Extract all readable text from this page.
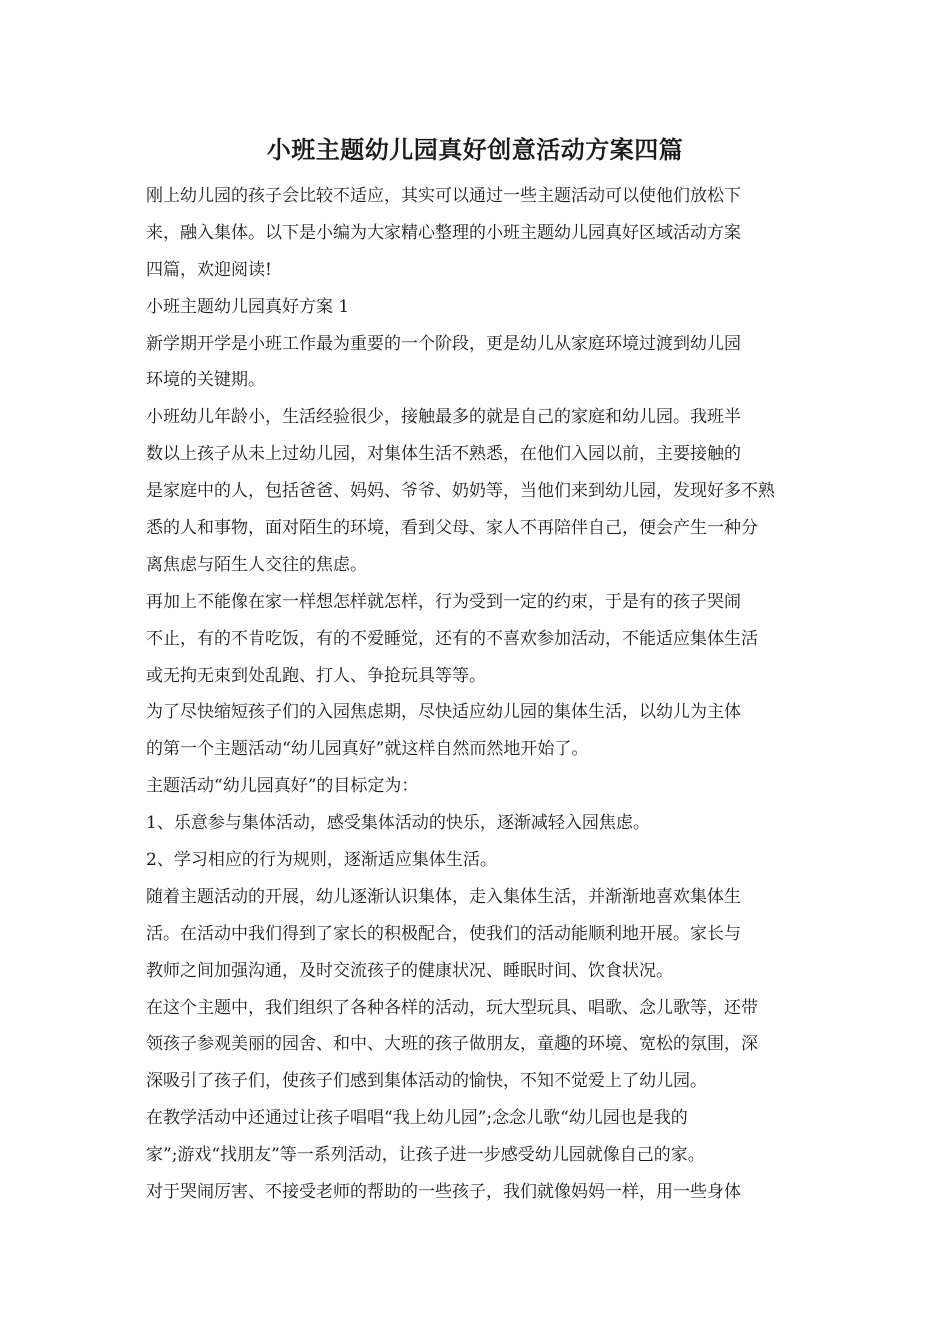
小班主题幼儿园真好创意活动方案四篇
刚上幼儿园的孩子会比较不适应，其实可以通过一些主题活动可以使他们放松下
来，融入集体。以下是小编为大家精心整理的小班主题幼儿园真好区域活动方案
四篇，欢迎阅读!
小班主题幼儿园真好方案 1
新学期开学是小班工作最为重要的一个阶段，更是幼儿从家庭环境过渡到幼儿园
环境的关键期。
小班幼儿年龄小，生活经验很少，接触最多的就是自己的家庭和幼儿园。我班半
数以上孩子从未上过幼儿园，对集体生活不熟悉，在他们入园以前，主要接触的
是家庭中的人，包括爸爸、妈妈、爷爷、奶奶等，当他们来到幼儿园，发现好多不熟
悉的人和事物，面对陌生的环境，看到父母、家人不再陪伴自己，便会产生一种分
离焦虑与陌生人交往的焦虑。
再加上不能像在家一样想怎样就怎样，行为受到一定的约束，于是有的孩子哭闹
不止，有的不肯吃饭，有的不爱睡觉，还有的不喜欢参加活动，不能适应集体生活
或无拘无束到处乱跑、打人、争抢玩具等等。
为了尽快缩短孩子们的入园焦虑期，尽快适应幼儿园的集体生活，以幼儿为主体
的第一个主题活动“幼儿园真好”就这样自然而然地开始了。
主题活动“幼儿园真好”的目标定为：
1、乐意参与集体活动，感受集体活动的快乐，逐渐减轻入园焦虑。
2、学习相应的行为规则，逐渐适应集体生活。
随着主题活动的开展，幼儿逐渐认识集体，走入集体生活，并渐渐地喜欢集体生
活。在活动中我们得到了家长的积极配合，使我们的活动能顺利地开展。家长与
教师之间加强沟通，及时交流孩子的健康状况、睡眠时间、饮食状况。
在这个主题中，我们组织了各种各样的活动，玩大型玩具、唱歌、念儿歌等，还带
领孩子参观美丽的园舍、和中、大班的孩子做朋友，童趣的环境、宽松的氛围，深
深吸引了孩子们，使孩子们感到集体活动的愉快，不知不觉爱上了幼儿园。
在教学活动中还通过让孩子唱唱“我上幼儿园”;念念儿歌“幼儿园也是我的
家”;游戏“找朋友”等一系列活动，让孩子进一步感受幼儿园就像自己的家。
对于哭闹厉害、不接受老师的帮助的一些孩子，我们就像妈妈一样，用一些身体
